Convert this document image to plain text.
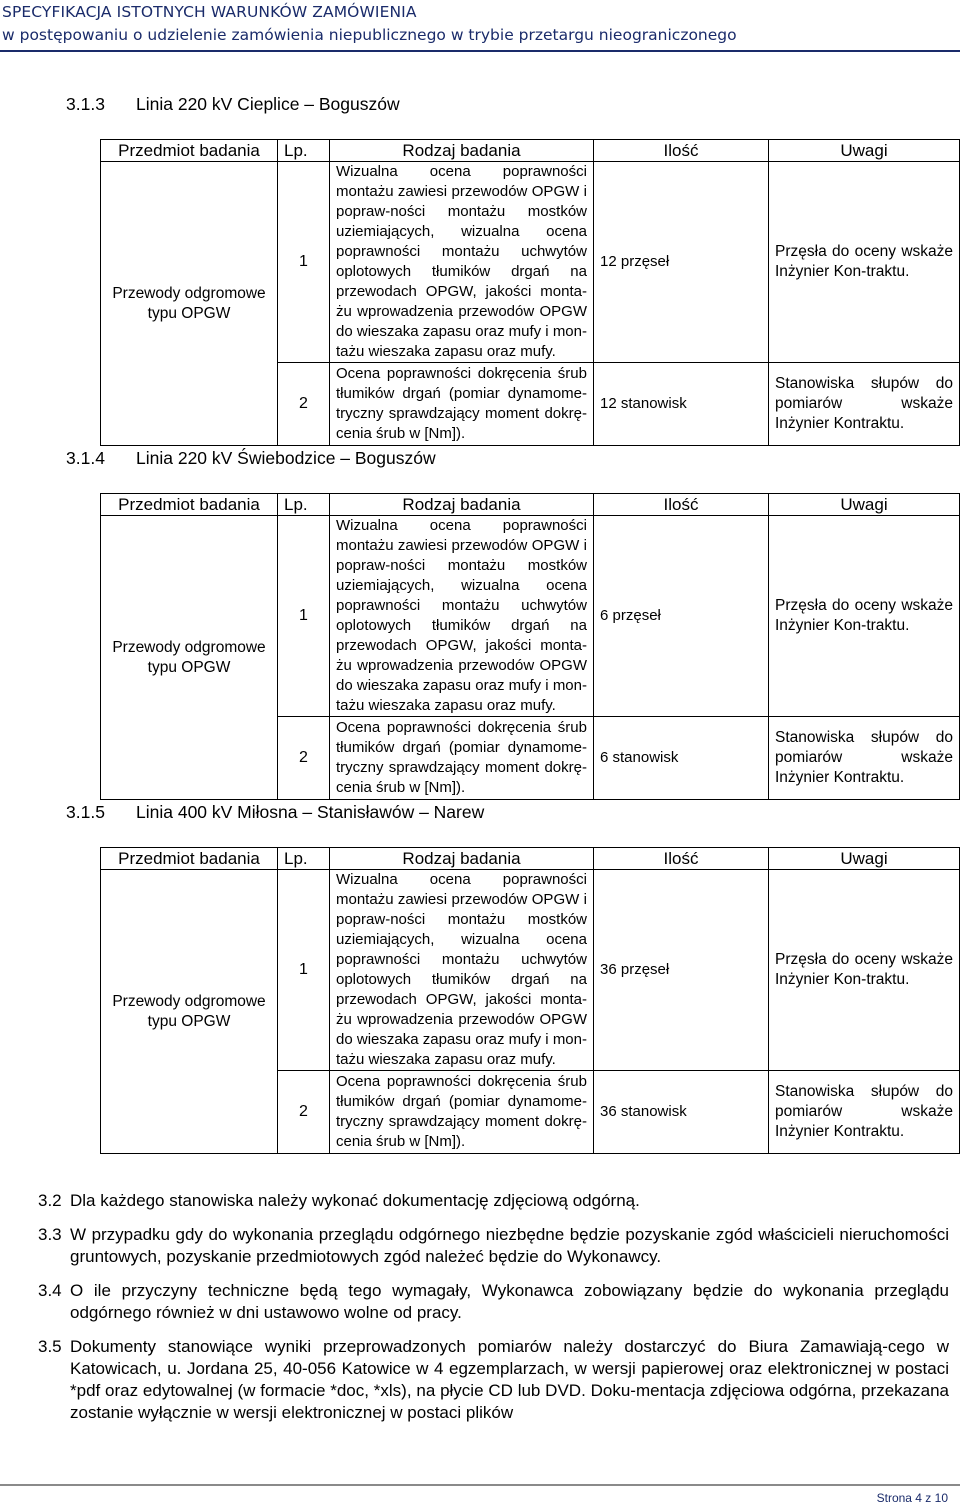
SPECYFIKACJA ISTOTNYCH WARUNKÓW ZAMÓWIENIA
w postępowaniu o udzielenie zamówienia niepublicznego w trybie przetargu nieograniczonego
3.1.3 Linia 220 kV Cieplice – Boguszów
Przedmiot badania	Lp.	Rodzaj badania	Ilość	Uwagi
Przewody odgromowe typu OPGW	1	Wizualna ocena poprawności montażu zawiesi przewodów OPGW i popraw-ności montażu mostków uziemiających, wizualna ocena poprawności montażu uchwytów oplotowych tłumików drgań na przewodach OPGW, jakości monta-żu wprowadzenia przewodów OPGW do wieszaka zapasu oraz mufy i mon-tażu wieszaka zapasu oraz mufy.	12 przęseł	Przęsła do oceny wskaże Inżynier Kon-traktu.
	2	Ocena poprawności dokręcenia śrub tłumików drgań (pomiar dynamome-tryczny sprawdzający moment dokrę-cenia śrub w [Nm]).	12 stanowisk	Stanowiska słupów do pomiarów wskaże Inżynier Kontraktu.
3.1.4 Linia 220 kV Świebodzice – Boguszów
Przedmiot badania	Lp.	Rodzaj badania	Ilość	Uwagi
Przewody odgromowe typu OPGW	1	Wizualna ocena poprawności montażu zawiesi przewodów OPGW i popraw-ności montażu mostków uziemiających, wizualna ocena poprawności montażu uchwytów oplotowych tłumików drgań na przewodach OPGW, jakości monta-żu wprowadzenia przewodów OPGW do wieszaka zapasu oraz mufy i mon-tażu wieszaka zapasu oraz mufy.	6 przęseł	Przęsła do oceny wskaże Inżynier Kon-traktu.
	2	Ocena poprawności dokręcenia śrub tłumików drgań (pomiar dynamome-tryczny sprawdzający moment dokrę-cenia śrub w [Nm]).	6 stanowisk	Stanowiska słupów do pomiarów wskaże Inżynier Kontraktu.
3.1.5 Linia 400 kV Miłosna – Stanisławów – Narew
Przedmiot badania	Lp.	Rodzaj badania	Ilość	Uwagi
Przewody odgromowe typu OPGW	1	Wizualna ocena poprawności montażu zawiesi przewodów OPGW i popraw-ności montażu mostków uziemiających, wizualna ocena poprawności montażu uchwytów oplotowych tłumików drgań na przewodach OPGW, jakości monta-żu wprowadzenia przewodów OPGW do wieszaka zapasu oraz mufy i mon-tażu wieszaka zapasu oraz mufy.	36 przęseł	Przęsła do oceny wskaże Inżynier Kon-traktu.
	2	Ocena poprawności dokręcenia śrub tłumików drgań (pomiar dynamome-tryczny sprawdzający moment dokrę-cenia śrub w [Nm]).	36 stanowisk	Stanowiska słupów do pomiarów wskaże Inżynier Kontraktu.
3.2 Dla każdego stanowiska należy wykonać dokumentację zdjęciową odgórną.
3.3 W przypadku gdy do wykonania przeglądu odgórnego niezbędne będzie pozyskanie zgód właścicieli nieruchomości gruntowych, pozyskanie przedmiotowych zgód należeć będzie do Wykonawcy.
3.4 O ile przyczyny techniczne będą tego wymagały, Wykonawca zobowiązany będzie do wykonania przeglądu odgórnego również w dni ustawowo wolne od pracy.
3.5 Dokumenty stanowiące wyniki przeprowadzonych pomiarów należy dostarczyć do Biura Zamawiają-cego w Katowicach, u. Jordana 25, 40-056 Katowice w 4 egzemplarzach, w wersji papierowej oraz elektronicznej w postaci *pdf oraz edytowalnej (w formacie *doc, *xls), na płycie CD lub DVD. Doku-mentacja zdjęciowa odgórna, przekazana zostanie wyłącznie w wersji elektronicznej w postaci plików
Strona 4 z 10
